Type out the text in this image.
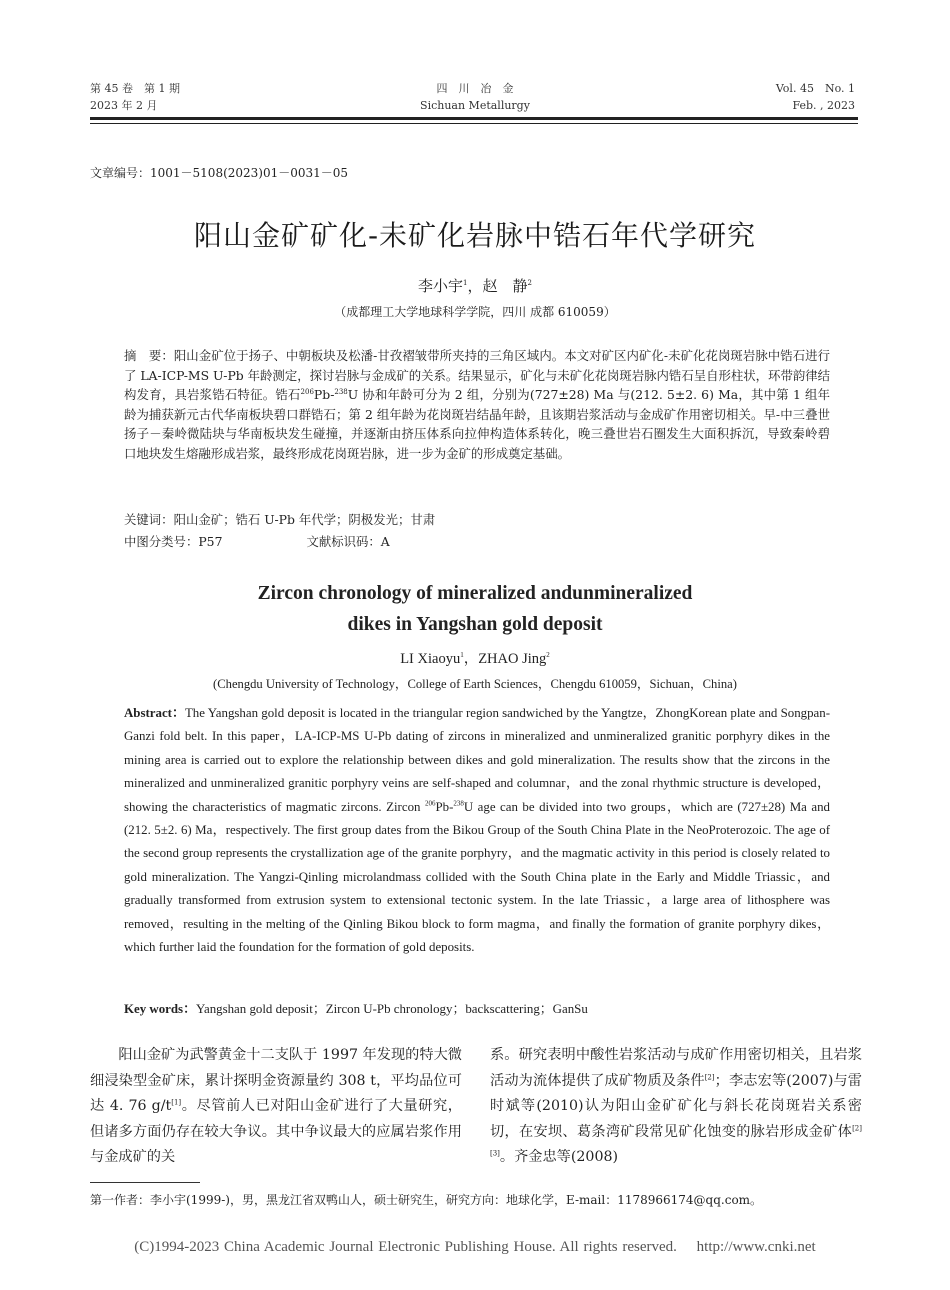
第 45 卷　第 1 期
2023 年 2 月
四　川　冶　金
Sichuan Metallurgy
Vol. 45　No. 1
Feb. , 2023
文章编号：1001－5108(2023)01－0031－05
阳山金矿矿化-未矿化岩脉中锆石年代学研究
李小宇$^1$，赵　静$^2$
（成都理工大学地球科学学院，四川 成都 610059）
摘　要：阳山金矿位于扬子、中朝板块及松潘-甘孜褶皱带所夹持的三角区域内。本文对矿区内矿化-未矿化花岗斑岩脉中锆石进行了 LA-ICP-MS U-Pb 年龄测定，探讨岩脉与金成矿的关系。结果显示，矿化与未矿化花岗斑岩脉内锆石呈自形柱状，环带韵律结构发育，具岩浆锆石特征。锆石$^{206}$Pb-$^{238}$U 协和年龄可分为 2 组，分别为(727±28) Ma 与(212. 5±2. 6) Ma，其中第 1 组年龄为捕获新元古代华南板块碧口群锆石；第 2 组年龄为花岗斑岩结晶年龄，且该期岩浆活动与金成矿作用密切相关。早-中三叠世扬子－秦岭微陆块与华南板块发生碰撞，并逐渐由挤压体系向拉伸构造体系转化，晚三叠世岩石圈发生大面积拆沉，导致秦岭碧口地块发生熔融形成岩浆，最终形成花岗斑岩脉，进一步为金矿的形成奠定基础。
关键词：阳山金矿；锆石 U-Pb 年代学；阴极发光；甘肃
中图分类号：P57	文献标识码：A
Zircon chronology of mineralized andunmineralized
dikes in Yangshan gold deposit
LI Xiaoyu$^1$，ZHAO Jing$^2$
(Chengdu University of Technology，College of Earth Sciences，Chengdu 610059，Sichuan，China)
Abstract：The Yangshan gold deposit is located in the triangular region sandwiched by the Yangtze，ZhongKorean plate and Songpan-Ganzi fold belt. In this paper，LA-ICP-MS U-Pb dating of zircons in mineralized and unmineralized granitic porphyry dikes in the mining area is carried out to explore the relationship between dikes and gold mineralization. The results show that the zircons in the mineralized and unmineralized granitic porphyry veins are self-shaped and columnar，and the zonal rhythmic structure is developed，showing the characteristics of magmatic zircons. Zircon $^{206}$Pb-$^{238}$U age can be divided into two groups，which are (727±28) Ma and (212. 5±2. 6) Ma，respectively. The first group dates from the Bikou Group of the South China Plate in the NeoProterozoic. The age of the second group represents the crystallization age of the granite porphyry，and the magmatic activity in this period is closely related to gold mineralization. The Yangzi-Qinling microlandmass collided with the South China plate in the Early and Middle Triassic，and gradually transformed from extrusion system to extensional tectonic system. In the late Triassic，a large area of lithosphere was removed，resulting in the melting of the Qinling Bikou block to form magma，and finally the formation of granite porphyry dikes，which further laid the foundation for the formation of gold deposits.
Key words：Yangshan gold deposit；Zircon U-Pb chronology；backscattering；GanSu
阳山金矿为武警黄金十二支队于 1997 年发现的特大微细浸染型金矿床，累计探明金资源量约 308 t，平均品位可达 4. 76 g/t[1]。尽管前人已对阳山金矿进行了大量研究，但诸多方面仍存在较大争议。其中争议最大的应属岩浆作用与金成矿的关
系。研究表明中酸性岩浆活动与成矿作用密切相关，且岩浆活动为流体提供了成矿物质及条件[2]；李志宏等(2007)与雷时斌等(2010)认为阳山金矿矿化与斜长花岗斑岩关系密切，在安坝、葛条湾矿段常见矿化蚀变的脉岩形成金矿体[2][3]。齐金忠等(2008)
第一作者：李小宇(1999-)，男，黑龙江省双鸭山人，硕士研究生，研究方向：地球化学，E-mail：1178966174@qq.com。
(C)1994-2023 China Academic Journal Electronic Publishing House. All rights reserved.　 http://www.cnki.net
